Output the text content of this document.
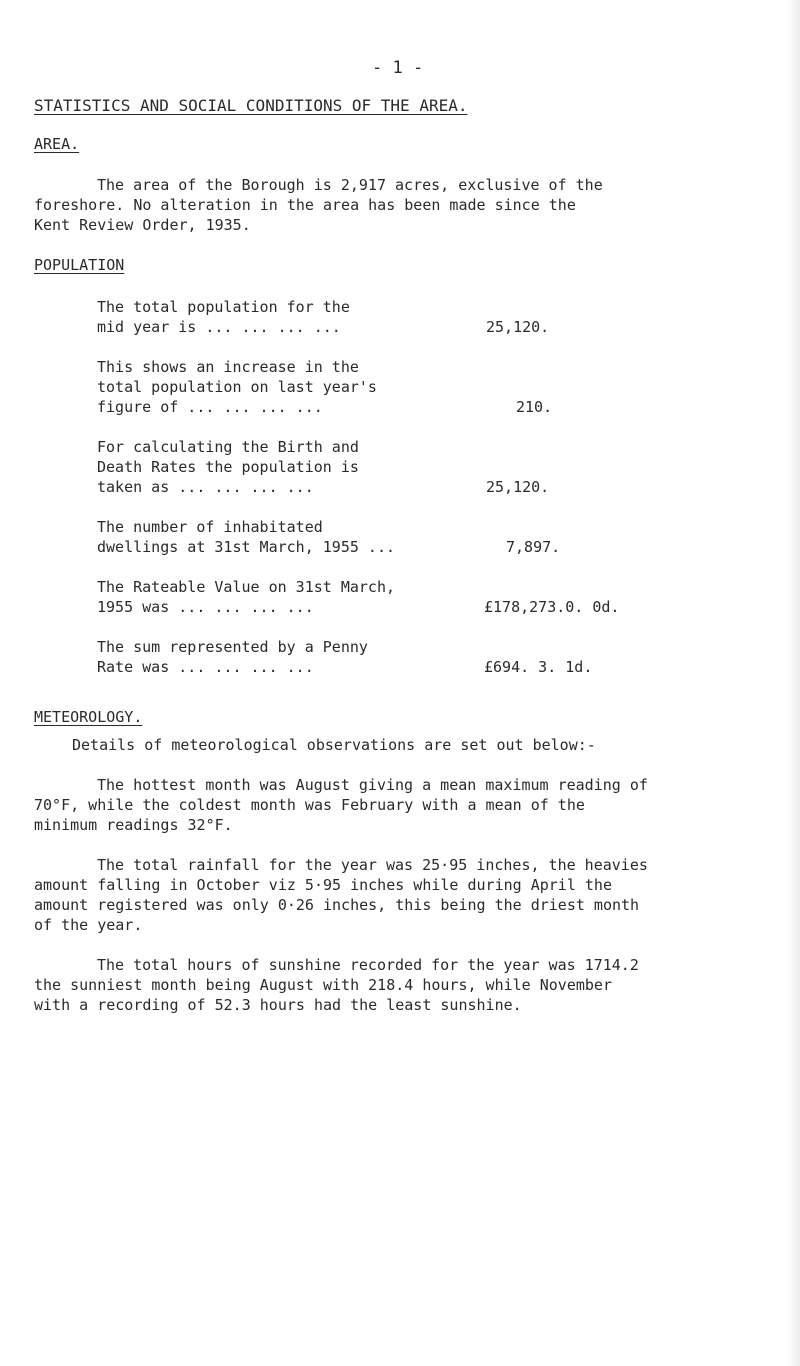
- 1 -
STATISTICS AND SOCIAL CONDITIONS OF THE AREA.
AREA.
The area of the Borough is 2,917 acres, exclusive of the
foreshore. No alteration in the area has been made since the
Kent Review Order, 1935.
POPULATION
The total population for the
mid year is ... ... ... ...	25,120.
This shows an increase in the
total population on last year's
figure of ... ... ... ...	210.
For calculating the Birth and
Death Rates the population is
taken as ... ... ... ...	25,120.
The number of inhabitated
dwellings at 31st March, 1955 ...	7,897.
The Rateable Value on 31st March,
1955 was ... ... ... ...	£178,273.0. 0d.
The sum represented by a Penny
Rate was ... ... ... ...	£694. 3. 1d.
METEOROLOGY.
Details of meteorological observations are set out below:-
The hottest month was August giving a mean maximum reading of
70°F, while the coldest month was February with a mean of the
minimum readings 32°F.
The total rainfall for the year was 25·95 inches, the heavies
amount falling in October viz 5·95 inches while during April the
amount registered was only 0·26 inches, this being the driest month
of the year.
The total hours of sunshine recorded for the year was 1714.2
the sunniest month being August with 218.4 hours, while November
with a recording of 52.3 hours had the least sunshine.
